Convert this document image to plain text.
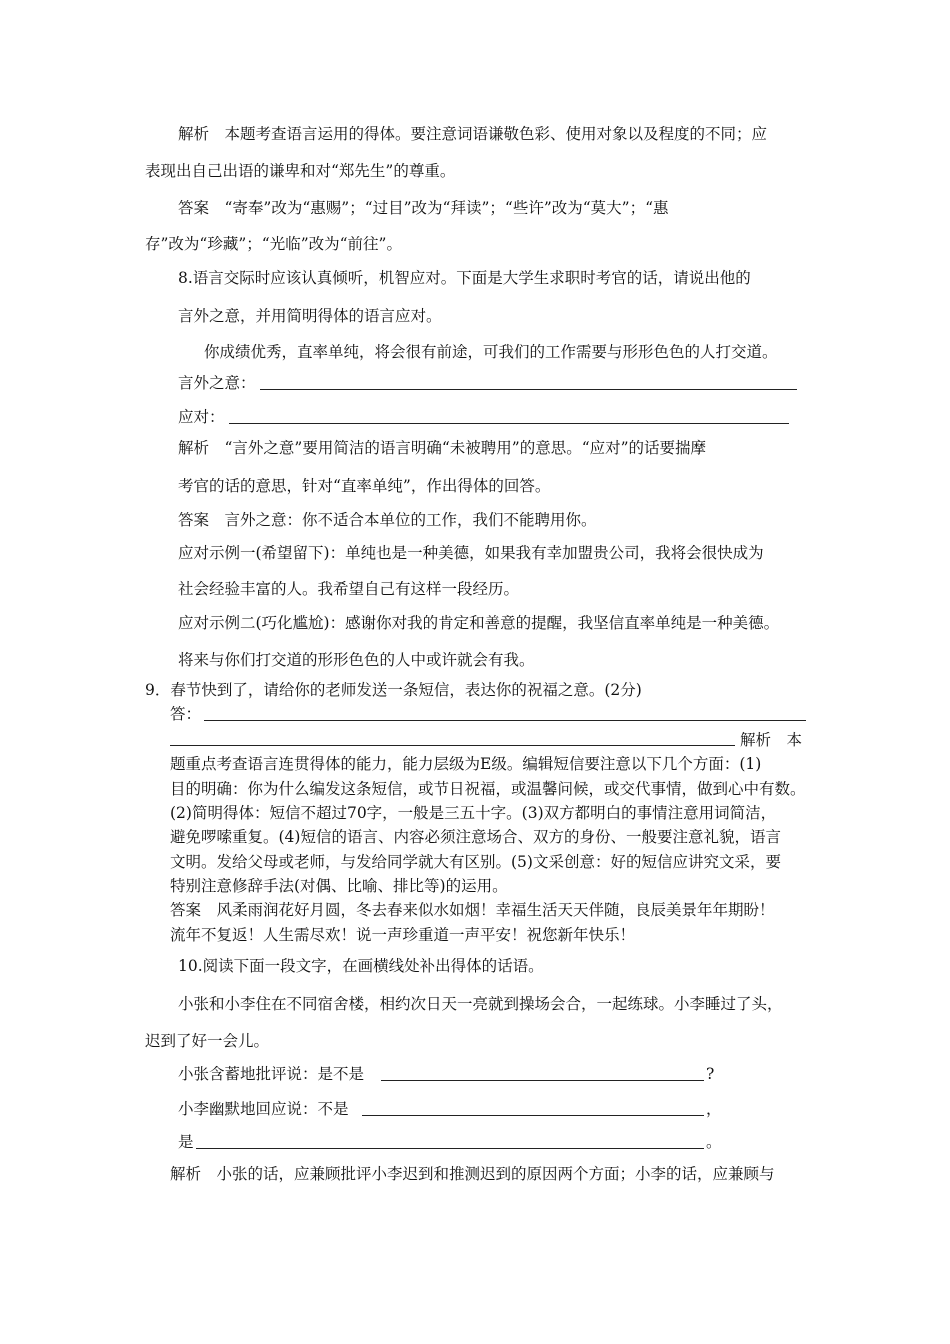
解析　本题考查语言运用的得体。要注意词语谦敬色彩、使用对象以及程度的不同；应
表现出自己出语的谦卑和对“郑先生”的尊重。
答案　“寄奉”改为“惠赐”；“过目”改为“拜读”；“些许”改为“莫大”；“惠
存”改为“珍藏”；“光临”改为“前往”。
8.语言交际时应该认真倾听，机智应对。下面是大学生求职时考官的话，请说出他的
言外之意，并用简明得体的语言应对。
你成绩优秀，直率单纯，将会很有前途，可我们的工作需要与形形色色的人打交道。
言外之意：
应对：
解析　“言外之意”要用简洁的语言明确“未被聘用”的意思。“应对”的话要揣摩
考官的话的意思，针对“直率单纯”，作出得体的回答。
答案　言外之意：你不适合本单位的工作，我们不能聘用你。
应对示例一(希望留下)：单纯也是一种美德，如果我有幸加盟贵公司，我将会很快成为
社会经验丰富的人。我希望自己有这样一段经历。
应对示例二(巧化尴尬)：感谢你对我的肯定和善意的提醒，我坚信直率单纯是一种美德。
将来与你们打交道的形形色色的人中或许就会有我。
9．春节快到了，请给你的老师发送一条短信，表达你的祝福之意。(2分)
答：
解析　本
题重点考查语言连贯得体的能力，能力层级为E级。编辑短信要注意以下几个方面：(1)
目的明确：你为什么编发这条短信，或节日祝福，或温馨问候，或交代事情，做到心中有数。
(2)简明得体：短信不超过70字，一般是三五十字。(3)双方都明白的事情注意用词简洁，
避免啰嗦重复。(4)短信的语言、内容必须注意场合、双方的身份、一般要注意礼貌，语言
文明。发给父母或老师，与发给同学就大有区别。(5)文采创意：好的短信应讲究文采，要
特别注意修辞手法(对偶、比喻、排比等)的运用。
答案　风柔雨润花好月圆，冬去春来似水如烟！幸福生活天天伴随，良辰美景年年期盼！
流年不复返！人生需尽欢！说一声珍重道一声平安！祝您新年快乐！
10.阅读下面一段文字，在画横线处补出得体的话语。
小张和小李住在不同宿舍楼，相约次日天一亮就到操场会合，一起练球。小李睡过了头，
迟到了好一会儿。
小张含蓄地批评说：是不是	?
小李幽默地回应说：不是	，
是	。
解析　小张的话，应兼顾批评小李迟到和推测迟到的原因两个方面；小李的话，应兼顾与
